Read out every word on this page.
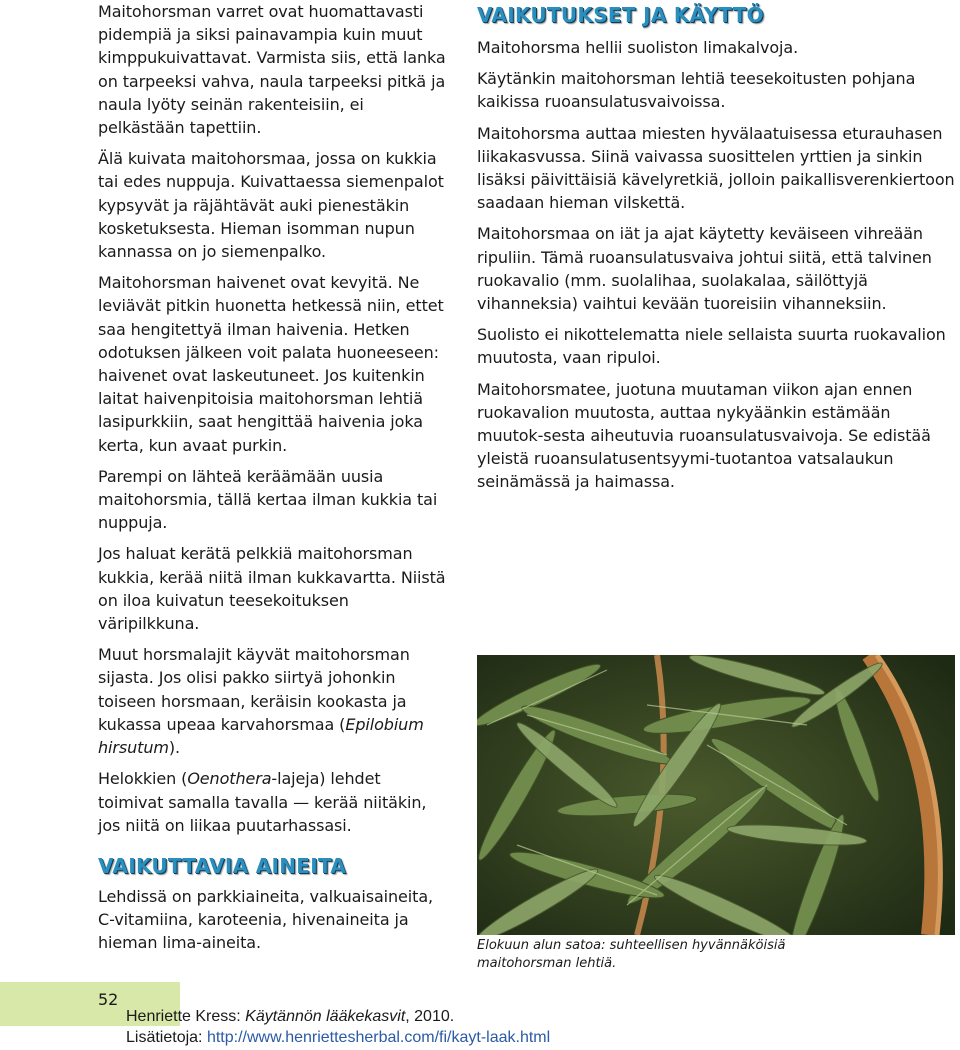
Maitohorsman varret ovat huomattavasti pidempiä ja siksi painavampia kuin muut kimppukuivattavat. Varmista siis, että lanka on tarpeeksi vahva, naula tarpeeksi pitkä ja naula lyöty seinän rakenteisiin, ei pelkästään tapettiin.

Älä kuivata maitohorsmaa, jossa on kukkia tai edes nuppuja. Kuivattaessa siemenpalot kypsyvät ja räjähtävät auki pienestäkin kosketuksesta. Hieman isomman nupun kannassa on jo siemenpalko.

Maitohorsman haivenet ovat kevyitä. Ne leviävät pitkin huonetta hetkessä niin, ettet saa hengitettyä ilman haivenia. Hetken odotuksen jälkeen voit palata huoneeseen: haivenet ovat laskeutuneet. Jos kuitenkin laitat haivenpitoisia maitohorsman lehtiä lasipurkkiin, saat hengittää haivenia joka kerta, kun avaat purkin.

Parempi on lähteä keräämään uusia maitohorsmia, tällä kertaa ilman kukkia tai nuppuja.

Jos haluat kerätä pelkkiä maitohorsman kukkia, kerää niitä ilman kukkavartta. Niistä on iloa kuivatun teesekoituksen väripilkkuna.

Muut horsmalajit käyvät maitohorsman sijasta. Jos olisi pakko siirtyä johonkin toiseen horsmaan, keräisin kookasta ja kukassa upeaa karvahorsmaa (Epilobium hirsutum).

Helokkien (Oenothera-lajeja) lehdet toimivat samalla tavalla — kerää niitäkin, jos niitä on liikaa puutarhassasi.

VAIKUTTAVIA AINEITA

Lehdissä on parkkiaineita, valkuaisaineita, C-vitamiina, karoteenia, hivenaineita ja hieman lima-aineita.

VAIKUTUKSET JA KÄYTTÖ

Maitohorsma hellii suoliston limakalvoja.

Käytänkin maitohorsman lehtiä teesekoitusten pohjana kaikissa ruoansulatusvaivoissa.

Maitohorsma auttaa miesten hyvälaatuisessa eturauhasen liikakasvussa. Siinä vaivassa suosittelen yrttien ja sinkin lisäksi päivittäisiä kävelyretkiä, jolloin paikallisverenkiertoon saadaan hieman vilskettä.

Maitohorsmaa on iät ja ajat käytetty keväiseen vihreään ripuliin. Tämä ruoansulatusvaiva johtui siitä, että talvinen ruokavalio (mm. suolalihaa, suolakalaa, säilöttyjä vihanneksia) vaihtui kevään tuoreisiin vihanneksiin.

Suolisto ei nikottelematta niele sellaista suurta ruokavalion muutosta, vaan ripuloi.

Maitohorsmatee, juotuna muutaman viikon ajan ennen ruokavalion muutosta, auttaa nykyäänkin estämään muutok-sesta aiheutuvia ruoansulatusvaivoja. Se edistää yleistä ruoansulatusentsyymi-tuotantoa vatsalaukun seinämässä ja haimassa.

Elokuun alun satoa: suhteellisen hyvännäköisiä maitohorsman lehtiä.
52
Henriette Kress: Käytännön lääkekasvit, 2010.
Lisätietoja: http://www.henriettesherbal.com/fi/kayt-laak.html
